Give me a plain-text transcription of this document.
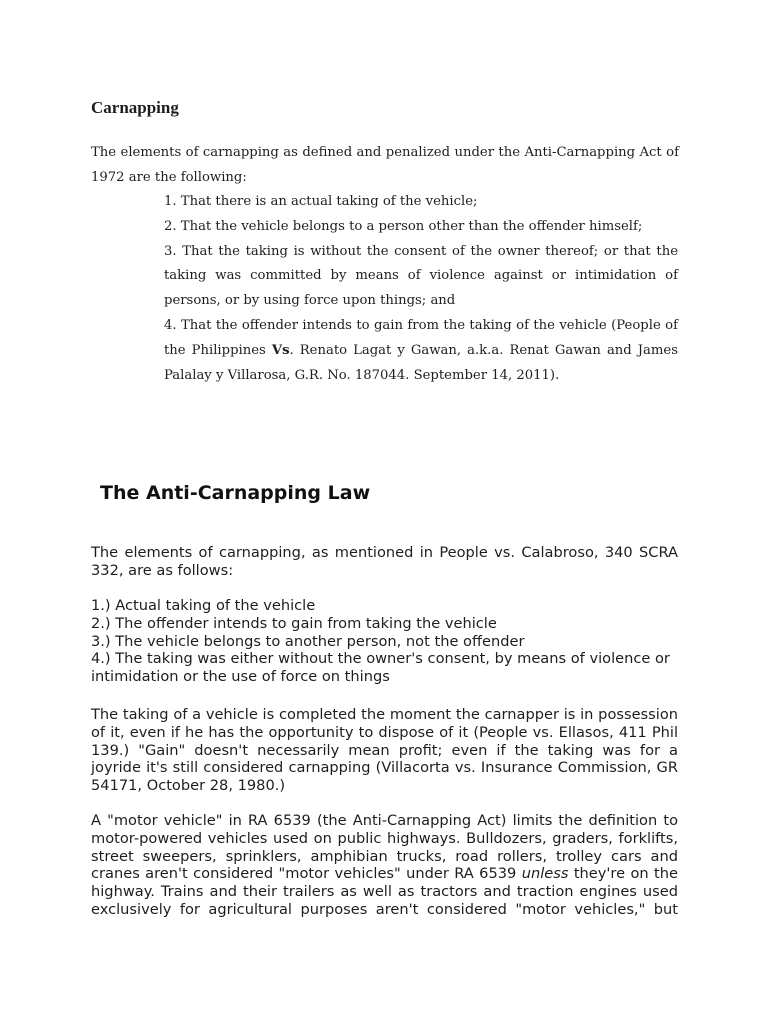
Carnapping

The elements of carnapping as defined and penalized under the Anti-Carnapping Act of 1972 are the following:

1. That there is an actual taking of the vehicle;
2. That the vehicle belongs to a person other than the offender himself;
3. That the taking is without the consent of the owner thereof; or that the taking was committed by means of violence against or intimidation of persons, or by using force upon things; and
4. That the offender intends to gain from the taking of the vehicle (People of the Philippines Vs. Renato Lagat y Gawan, a.k.a. Renat Gawan and James Palalay y Villarosa, G.R. No. 187044. September 14, 2011).
The Anti-Carnapping Law

The elements of carnapping, as mentioned in People vs. Calabroso, 340 SCRA 332, are as follows:

1.) Actual taking of the vehicle
2.) The offender intends to gain from taking the vehicle
3.) The vehicle belongs to another person, not the offender
4.) The taking was either without the owner's consent, by means of violence or intimidation or the use of force on things

The taking of a vehicle is completed the moment the carnapper is in possession of it, even if he has the opportunity to dispose of it (People vs. Ellasos, 411 Phil 139.) "Gain" doesn't necessarily mean profit; even if the taking was for a joyride it's still considered carnapping (Villacorta vs. Insurance Commission, GR 54171, October 28, 1980.)

A "motor vehicle" in RA 6539 (the Anti-Carnapping Act) limits the definition to motor-powered vehicles used on public highways. Bulldozers, graders, forklifts, street sweepers, sprinklers, amphibian trucks, road rollers, trolley cars and cranes aren't considered "motor vehicles" under RA 6539 unless they're on the highway. Trains and their trailers as well as tractors and traction engines used exclusively for agricultural purposes aren't considered "motor vehicles," but
